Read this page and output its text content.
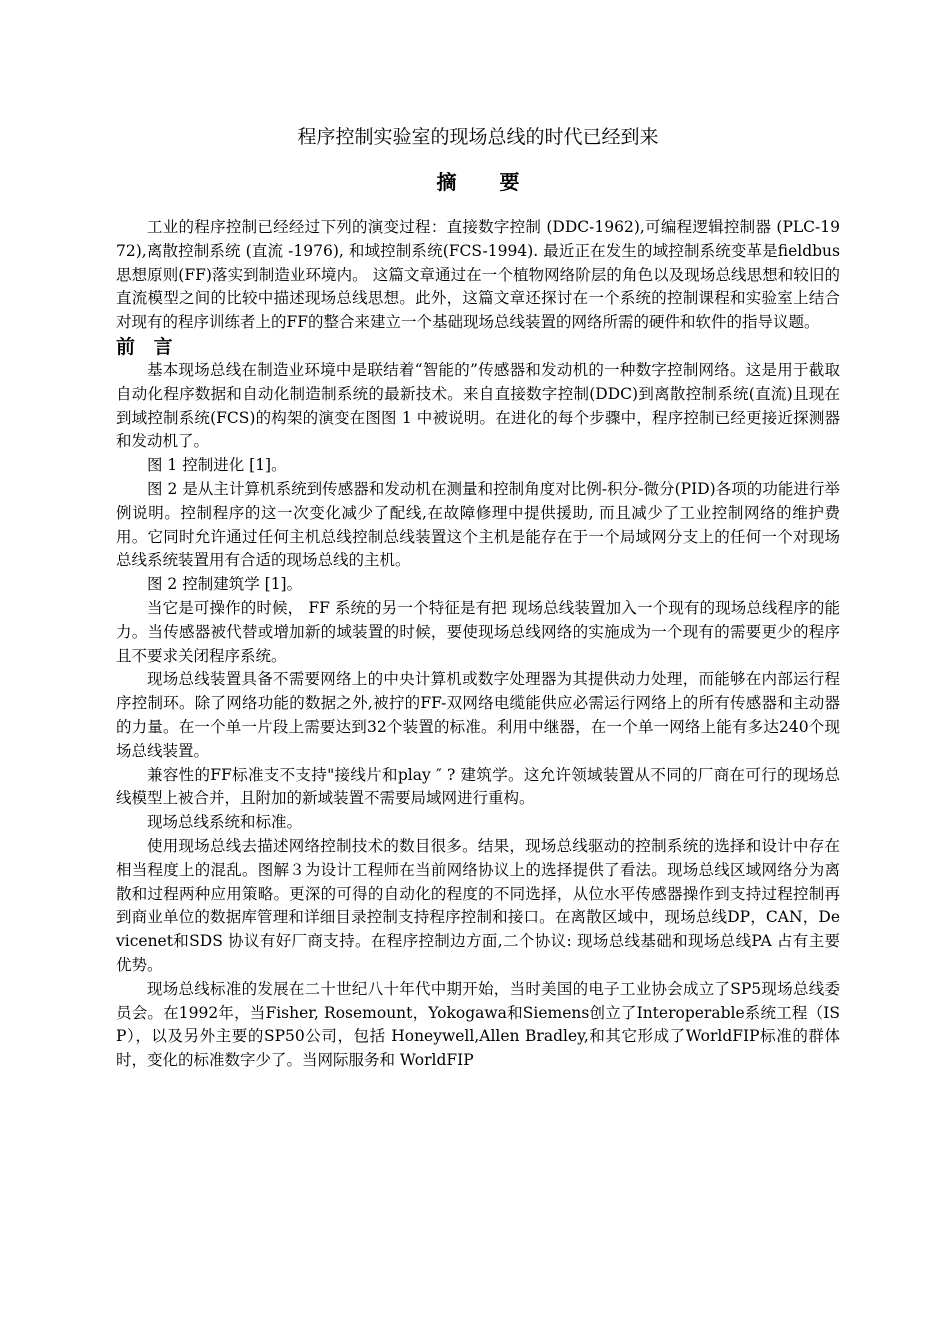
程序控制实验室的现场总线的时代已经到来
摘 要

工业的程序控制已经经过下列的演变过程：直接数字控制 (DDC-1962),可编程逻辑控制器 (PLC-1972),离散控制系统 (直流 -1976), 和域控制系统(FCS-1994). 最近正在发生的域控制系统变革是fieldbus思想原则(FF)落实到制造业环境内。 这篇文章通过在一个植物网络阶层的角色以及现场总线思想和较旧的直流模型之间的比较中描述现场总线思想。此外，这篇文章还探讨在一个系统的控制课程和实验室上结合对现有的程序训练者上的FF的整合来建立一个基础现场总线装置的网络所需的硬件和软件的指导议题。

前 言

基本现场总线在制造业环境中是联结着“智能的”传感器和发动机的一种数字控制网络。这是用于截取自动化程序数据和自动化制造制系统的最新技术。来自直接数字控制(DDC)到离散控制系统(直流)且现在到域控制系统(FCS)的构架的演变在图图 1 中被说明。在进化的每个步骤中，程序控制已经更接近探测器和发动机了。

图 1 控制进化 [1]。

图 2 是从主计算机系统到传感器和发动机在测量和控制角度对比例-积分-微分(PID)各项的功能进行举例说明。控制程序的这一次变化减少了配线,在故障修理中提供援助, 而且减少了工业控制网络的维护费用。它同时允许通过任何主机总线控制总线装置这个主机是能存在于一个局域网分支上的任何一个对现场总线系统装置用有合适的现场总线的主机。

图 2 控制建筑学 [1]。

当它是可操作的时候， FF 系统的另一个特征是有把 现场总线装置加入一个现有的现场总线程序的能力。当传感器被代替或增加新的域装置的时候，要使现场总线网络的实施成为一个现有的需要更少的程序且不要求关闭程序系统。

现场总线装置具备不需要网络上的中央计算机或数字处理器为其提供动力处理，而能够在内部运行程序控制环。除了网络功能的数据之外,被拧的FF-双网络电缆能供应必需运行网络上的所有传感器和主动器的力量。在一个单一片段上需要达到32个装置的标准。利用中继器，在一个单一网络上能有多达240个现场总线装置。

兼容性的FF标准支不支持"接线片和play ″ ? 建筑学。这允许领域装置从不同的厂商在可行的现场总线模型上被合并，且附加的新域装置不需要局域网进行重构。

现场总线系统和标准。

使用现场总线去描述网络控制技术的数目很多。结果，现场总线驱动的控制系统的选择和设计中存在相当程度上的混乱。图解３为设计工程师在当前网络协议上的选择提供了看法。现场总线区域网络分为离散和过程两种应用策略。更深的可得的自动化的程度的不同选择，从位水平传感器操作到支持过程控制再到商业单位的数据库管理和详细目录控制支持程序控制和接口。在离散区域中，现场总线DP，CAN，Devicenet和SDS 协议有好厂商支持。在程序控制边方面,二个协议: 现场总线基础和现场总线PA 占有主要优势。

现场总线标准的发展在二十世纪八十年代中期开始，当时美国的电子工业协会成立了SP5现场总线委员会。在1992年，当Fisher, Rosemount，Yokogawa和Siemens创立了Interoperable系统工程（ISP），以及另外主要的SP50公司，包括 Honeywell,Allen Bradley,和其它形成了WorldFIP标准的群体时，变化的标准数字少了。当网际服务和 WorldFIP
